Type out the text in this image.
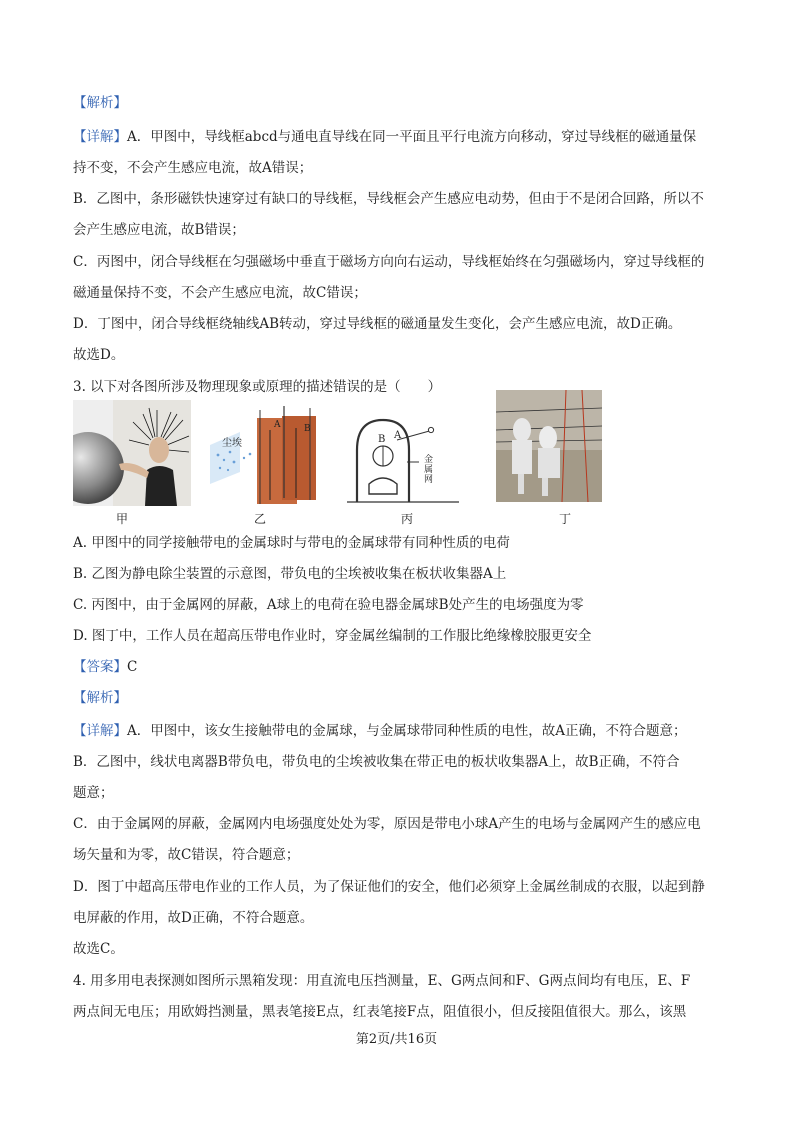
【解析】
【详解】A．甲图中，导线框abcd与通电直导线在同一平面且平行电流方向移动，穿过导线框的磁通量保
持不变，不会产生感应电流，故A错误；
B．乙图中，条形磁铁快速穿过有缺口的导线框，导线框会产生感应电动势，但由于不是闭合回路，所以不
会产生感应电流，故B错误；
C．丙图中，闭合导线框在匀强磁场中垂直于磁场方向向右运动，导线框始终在匀强磁场内，穿过导线框的
磁通量保持不变，不会产生感应电流，故C错误；
D．丁图中，闭合导线框绕轴线AB转动，穿过导线框的磁通量发生变化，会产生感应电流，故D正确。
故选D。
3. 以下对各图所涉及物理现象或原理的描述错误的是（　　）
甲
尘埃
A	B
乙
A
B
金属网
丙	丁
A. 甲图中的同学接触带电的金属球时与带电的金属球带有同种性质的电荷
B. 乙图为静电除尘装置的示意图，带负电的尘埃被收集在板状收集器A上
C. 丙图中，由于金属网的屏蔽，A球上的电荷在验电器金属球B处产生的电场强度为零
D. 图丁中，工作人员在超高压带电作业时，穿金属丝编制的工作服比绝缘橡胶服更安全
【答案】C
【解析】
【详解】A．甲图中，该女生接触带电的金属球，与金属球带同种性质的电性，故A正确，不符合题意；
B．乙图中，线状电离器B带负电，带负电的尘埃被收集在带正电的板状收集器A上，故B正确，不符合
题意；
C．由于金属网的屏蔽，金属网内电场强度处处为零，原因是带电小球A产生的电场与金属网产生的感应电
场矢量和为零，故C错误，符合题意；
D．图丁中超高压带电作业的工作人员，为了保证他们的安全，他们必须穿上金属丝制成的衣服，以起到静
电屏蔽的作用，故D正确，不符合题意。
故选C。
4. 用多用电表探测如图所示黑箱发现：用直流电压挡测量，E、G两点间和F、G两点间均有电压，E、F
两点间无电压；用欧姆挡测量，黑表笔接E点，红表笔接F点，阻值很小，但反接阻值很大。那么，该黑
第2页/共16页
